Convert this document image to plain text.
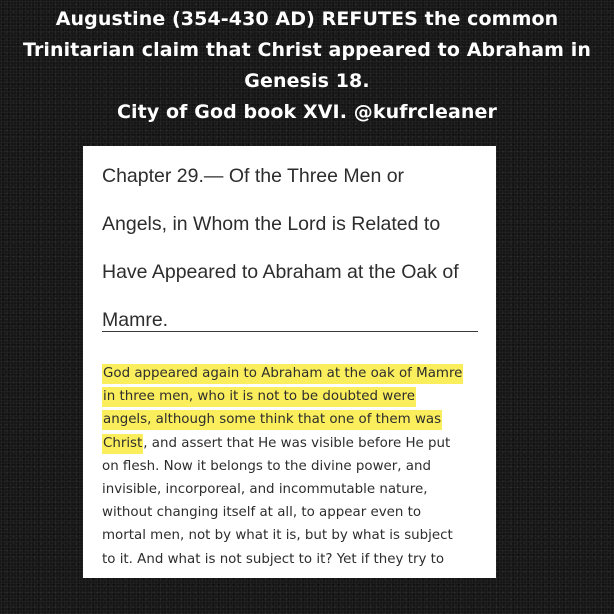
Augustine (354-430 AD) REFUTES the common
Trinitarian claim that Christ appeared to Abraham in
Genesis 18.
City of God book XVI. @kufrcleaner
Chapter 29.— Of the Three Men or
Angels, in Whom the Lord is Related to
Have Appeared to Abraham at the Oak of
Mamre.
God appeared again to Abraham at the oak of Mamre
in three men, who it is not to be doubted were
angels, although some think that one of them was
Christ, and assert that He was visible before He put
on flesh. Now it belongs to the divine power, and
invisible, incorporeal, and incommutable nature,
without changing itself at all, to appear even to
mortal men, not by what it is, but by what is subject
to it. And what is not subject to it? Yet if they try to
